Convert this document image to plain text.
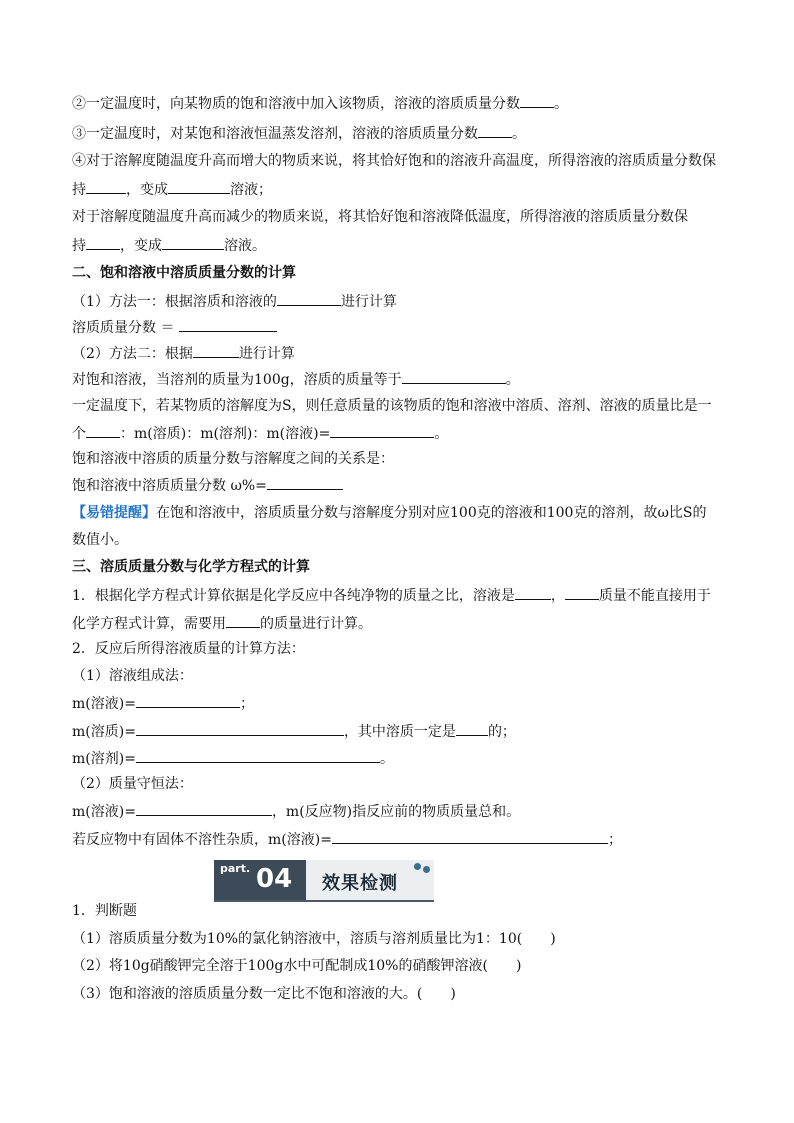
②一定温度时，向某物质的饱和溶液中加入该物质，溶液的溶质质量分数 。
③一定温度时，对某饱和溶液恒温蒸发溶剂，溶液的溶质质量分数 。
④对于溶解度随温度升高而增大的物质来说，将其恰好饱和的溶液升高温度，所得溶液的溶质质量分数保
持	，变成	溶液；
对于溶解度随温度升高而减少的物质来说，将其恰好饱和溶液降低温度，所得溶液的溶质质量分数保
持 ，变成	溶液。
二、饱和溶液中溶质质量分数的计算
（1）方法一：根据溶质和溶液的	进行计算
溶质质量分数 ＝
（2）方法二：根据	进行计算
对饱和溶液，当溶剂的质量为100g，溶质的质量等于	。
一定温度下，若某物质的溶解度为S，则任意质量的该物质的饱和溶液中溶质、溶剂、溶液的质量比是一
个 ：m(溶质)：m(溶剂)：m(溶液)=	。
饱和溶液中溶质的质量分数与溶解度之间的关系是：
饱和溶液中溶质质量分数 ω%=
【易错提醒】在饱和溶液中，溶质质量分数与溶解度分别对应100克的溶液和100克的溶剂，故ω比S的
数值小。
三、溶质质量分数与化学方程式的计算
1．根据化学方程式计算依据是化学反应中各纯净物的质量之比，溶液是	， 质量不能直接用于
化学方程式计算，需要用 的质量进行计算。
2．反应后所得溶液质量的计算方法：
（1）溶液组成法：
m(溶液)=	；
m(溶质)=	，其中溶质一定是 的；
m(溶剂)=	。
（2）质量守恒法：
m(溶液)=	，m(反应物)指反应前的物质质量总和。
若反应物中有固体不溶性杂质，m(溶液)=	；
1．判断题
（1）溶质质量分数为10%的氯化钠溶液中，溶质与溶剂质量比为1：10(　　)
（2）将10g硝酸钾完全溶于100g水中可配制成10%的硝酸钾溶液(　　)
（3）饱和溶液的溶质质量分数一定比不饱和溶液的大。(　　)
part. 04 效果检测
